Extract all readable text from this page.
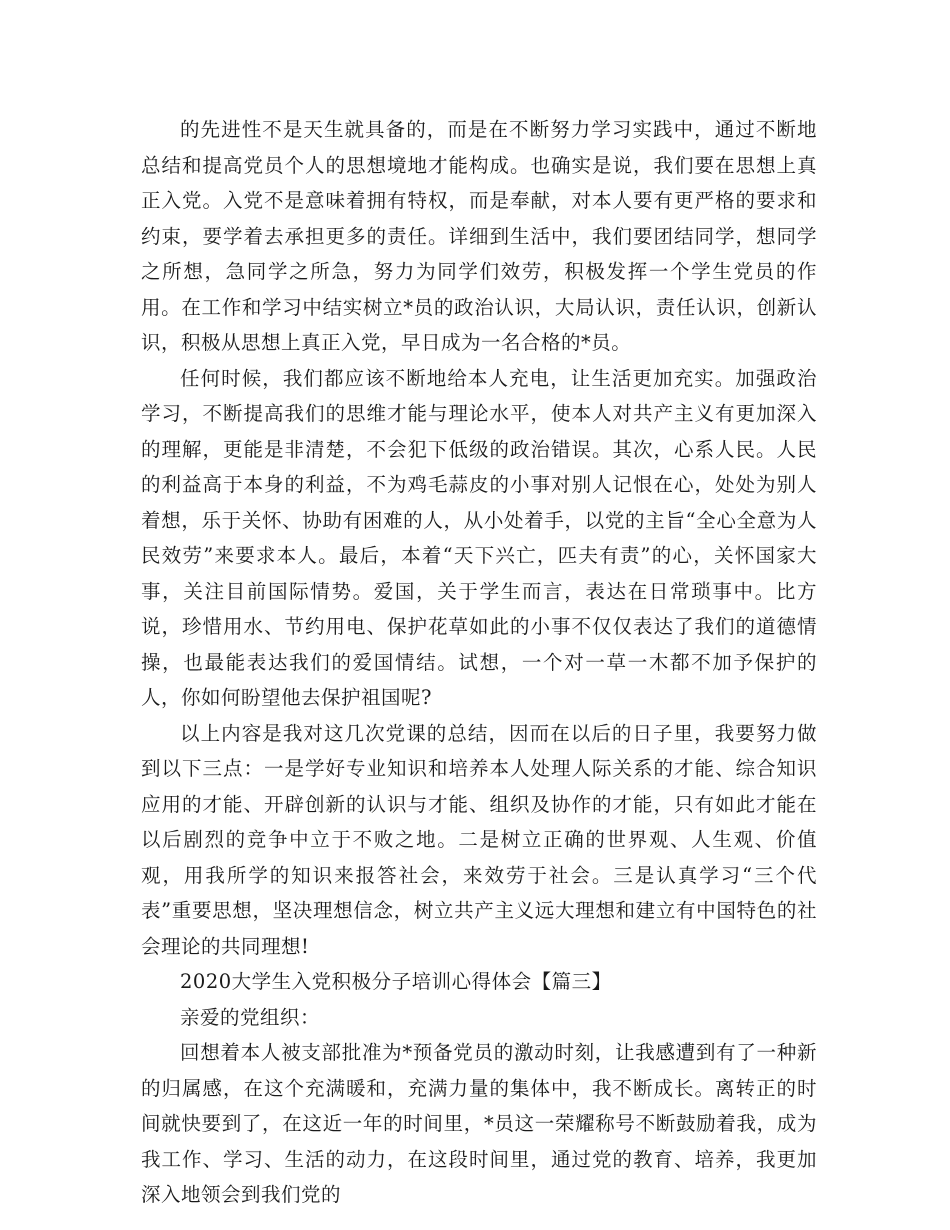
的先进性不是天生就具备的，而是在不断努力学习实践中，通过不断地总结和提高党员个人的思想境地才能构成。也确实是说，我们要在思想上真正入党。入党不是意味着拥有特权，而是奉献，对本人要有更严格的要求和约束，要学着去承担更多的责任。详细到生活中，我们要团结同学，想同学之所想，急同学之所急，努力为同学们效劳，积极发挥一个学生党员的作用。在工作和学习中结实树立*员的政治认识，大局认识，责任认识，创新认识，积极从思想上真正入党，早日成为一名合格的*员。

任何时候，我们都应该不断地给本人充电，让生活更加充实。加强政治学习，不断提高我们的思维才能与理论水平，使本人对共产主义有更加深入的理解，更能是非清楚，不会犯下低级的政治错误。其次，心系人民。人民的利益高于本身的利益，不为鸡毛蒜皮的小事对别人记恨在心，处处为别人着想，乐于关怀、协助有困难的人，从小处着手，以党的主旨“全心全意为人民效劳”来要求本人。最后，本着“天下兴亡，匹夫有责”的心，关怀国家大事，关注目前国际情势。爱国，关于学生而言，表达在日常琐事中。比方说，珍惜用水、节约用电、保护花草如此的小事不仅仅表达了我们的道德情操，也最能表达我们的爱国情结。试想，一个对一草一木都不加予保护的人，你如何盼望他去保护祖国呢?

以上内容是我对这几次党课的总结，因而在以后的日子里，我要努力做到以下三点：一是学好专业知识和培养本人处理人际关系的才能、综合知识应用的才能、开辟创新的认识与才能、组织及协作的才能，只有如此才能在以后剧烈的竞争中立于不败之地。二是树立正确的世界观、人生观、价值观，用我所学的知识来报答社会，来效劳于社会。三是认真学习“三个代表”重要思想，坚决理想信念，树立共产主义远大理想和建立有中国特色的社会理论的共同理想!

2020大学生入党积极分子培训心得体会【篇三】

亲爱的党组织：

回想着本人被支部批准为*预备党员的激动时刻，让我感遭到有了一种新的归属感，在这个充满暖和，充满力量的集体中，我不断成长。离转正的时间就快要到了，在这近一年的时间里，*员这一荣耀称号不断鼓励着我，成为我工作、学习、生活的动力，在这段时间里，通过党的教育、培养，我更加深入地领会到我们党的
